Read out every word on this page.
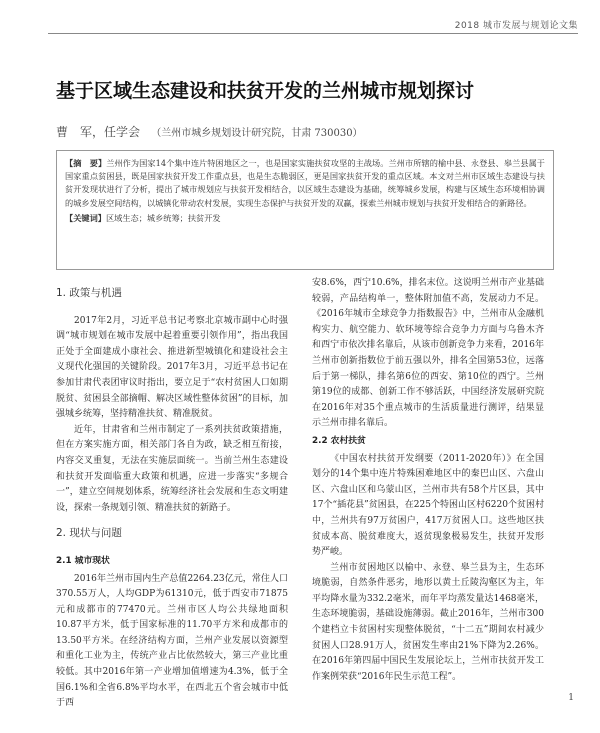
2018 城市发展与规划论文集
基于区域生态建设和扶贫开发的兰州城市规划探讨
曹　军，任学会 （兰州市城乡规划设计研究院，甘肃 730030）
【摘　要】兰州作为国家14个集中连片特困地区之一，也是国家实施扶贫攻坚的主战场。兰州市所辖的榆中县、永登县、皋兰县属于国家重点贫困县，既是国家扶贫开发工作重点县，也是生态脆弱区，更是国家扶贫开发的重点区域。本文对兰州市区域生态建设与扶贫开发现状进行了分析，提出了城市规划应与扶贫开发相结合，以区域生态建设为基础，统筹城乡发展，构建与区域生态环境相协调的城乡发展空间结构，以城镇化带动农村发展，实现生态保护与扶贫开发的双赢，探索兰州城市规划与扶贫开发相结合的新路径。
【关键词】区域生态；城乡统筹；扶贫开发
1. 政策与机遇

2017年2月，习近平总书记考察北京城市副中心时强调“城市规划在城市发展中起着重要引领作用”，指出我国正处于全面建成小康社会、推进新型城镇化和建设社会主义现代化强国的关键阶段。2017年3月，习近平总书记在参加甘肃代表团审议时指出，要立足于“农村贫困人口如期脱贫、贫困县全部摘帽、解决区域性整体贫困”的目标，加强城乡统筹，坚持精准扶贫、精准脱贫。

近年，甘肃省和兰州市制定了一系列扶贫政策措施，但在方案实施方面，相关部门各自为政，缺乏相互衔接，内容交叉重复，无法在实施层面统一。当前兰州生态建设和扶贫开发面临重大政策和机遇，应进一步落实“多规合一”，建立空间规划体系，统筹经济社会发展和生态文明建设，探索一条规划引领、精准扶贫的新路子。

2. 现状与问题
2.1 城市现状

2016年兰州市国内生产总值2264.23亿元，常住人口370.55万人，人均GDP为61310元，低于西安市71875元和成都市的77470元。兰州市区人均公共绿地面积10.87平方米，低于国家标准的11.70平方米和成都市的13.50平方米。在经济结构方面，兰州产业发展以资源型和重化工业为主，传统产业占比依然较大，第三产业比重较低。其中2016年第一产业增加值增速为4.3%，低于全国6.1%和全省6.8%平均水平，在西北五个省会城市中低于西

安8.6%，西宁10.6%，排名末位。这说明兰州市产业基础较弱，产品结构单一，整体附加值不高，发展动力不足。《2016年城市全球竞争力指数报告》中，兰州市从金融机构实力、航空能力、软环境等综合竞争力方面与乌鲁木齐和西宁市依次排名靠后，从该市创新竞争力来看，2016年兰州市创新指数位于前五强以外，排名全国第53位，远落后于第一梯队，排名第6位的西安、第10位的西宁。兰州第19位的成都、创新工作不够活跃，中国经济发展研究院在2016年对35个重点城市的生活质量进行测评，结果显示兰州市排名靠后。

2.2 农村扶贫

《中国农村扶贫开发纲要（2011-2020年）》在全国划分的14个集中连片特殊困难地区中的秦巴山区、六盘山区、六盘山区和乌蒙山区，兰州市共有58个片区县，其中17个“插花县”贫困县，在225个特困山区村6220个贫困村中，兰州共有97万贫困户，417万贫困人口。这些地区扶贫成本高、脱贫难度大，返贫现象极易发生，扶贫开发形势严峻。

兰州市贫困地区以榆中、永登、皋兰县为主，生态环境脆弱，自然条件恶劣，地形以黄土丘陵沟壑区为主，年平均降水量为332.2毫米，而年平均蒸发量达1468毫米，生态环境脆弱，基础设施薄弱。截止2016年，兰州市300个建档立卡贫困村实现整体脱贫，“十二五”期间农村减少贫困人口28.91万人，贫困发生率由21%下降为2.26%。在2016年第四届中国民生发展论坛上，兰州市扶贫开发工作案例荣获“2016年民生示范工程”。

1
